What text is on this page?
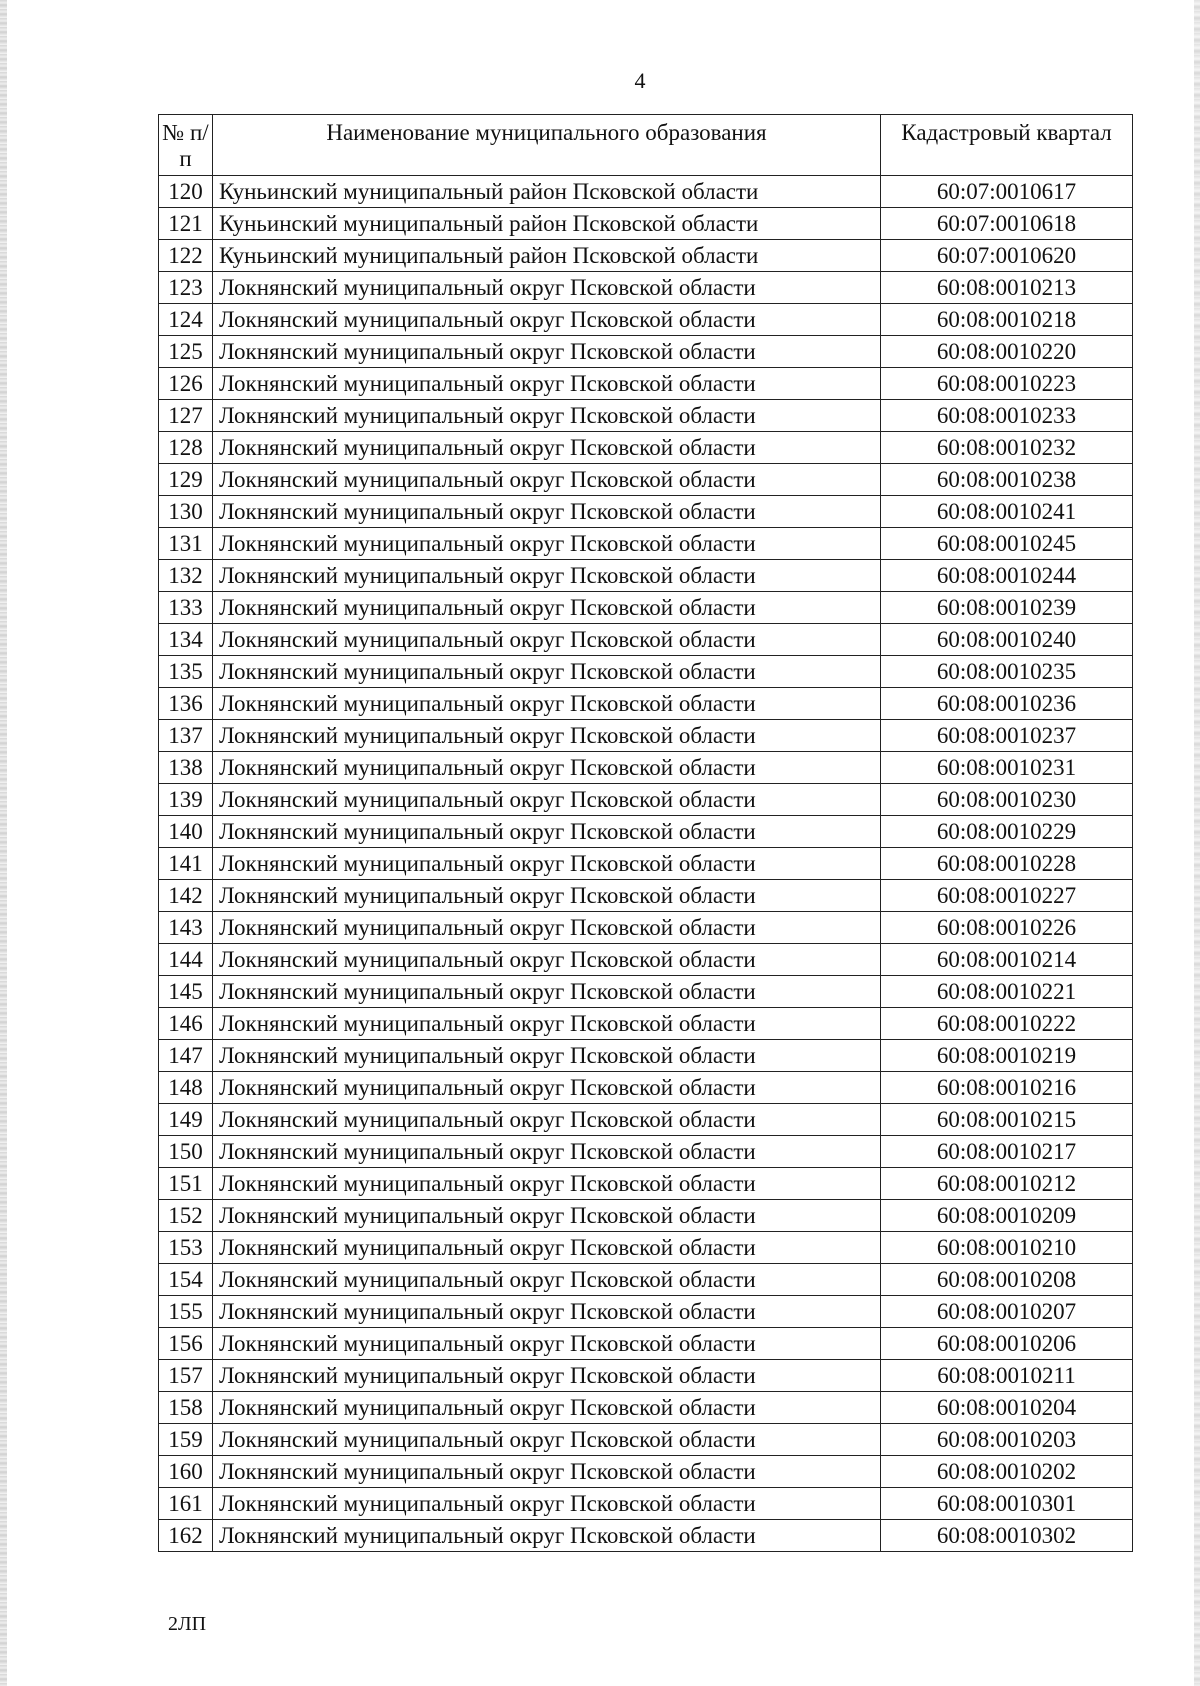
4
№ п/п	Наименование муниципального образования	Кадастровый квартал
120	Куньинский муниципальный район Псковской области	60:07:0010617
121	Куньинский муниципальный район Псковской области	60:07:0010618
122	Куньинский муниципальный район Псковской области	60:07:0010620
123	Локнянский муниципальный округ Псковской области	60:08:0010213
124	Локнянский муниципальный округ Псковской области	60:08:0010218
125	Локнянский муниципальный округ Псковской области	60:08:0010220
126	Локнянский муниципальный округ Псковской области	60:08:0010223
127	Локнянский муниципальный округ Псковской области	60:08:0010233
128	Локнянский муниципальный округ Псковской области	60:08:0010232
129	Локнянский муниципальный округ Псковской области	60:08:0010238
130	Локнянский муниципальный округ Псковской области	60:08:0010241
131	Локнянский муниципальный округ Псковской области	60:08:0010245
132	Локнянский муниципальный округ Псковской области	60:08:0010244
133	Локнянский муниципальный округ Псковской области	60:08:0010239
134	Локнянский муниципальный округ Псковской области	60:08:0010240
135	Локнянский муниципальный округ Псковской области	60:08:0010235
136	Локнянский муниципальный округ Псковской области	60:08:0010236
137	Локнянский муниципальный округ Псковской области	60:08:0010237
138	Локнянский муниципальный округ Псковской области	60:08:0010231
139	Локнянский муниципальный округ Псковской области	60:08:0010230
140	Локнянский муниципальный округ Псковской области	60:08:0010229
141	Локнянский муниципальный округ Псковской области	60:08:0010228
142	Локнянский муниципальный округ Псковской области	60:08:0010227
143	Локнянский муниципальный округ Псковской области	60:08:0010226
144	Локнянский муниципальный округ Псковской области	60:08:0010214
145	Локнянский муниципальный округ Псковской области	60:08:0010221
146	Локнянский муниципальный округ Псковской области	60:08:0010222
147	Локнянский муниципальный округ Псковской области	60:08:0010219
148	Локнянский муниципальный округ Псковской области	60:08:0010216
149	Локнянский муниципальный округ Псковской области	60:08:0010215
150	Локнянский муниципальный округ Псковской области	60:08:0010217
151	Локнянский муниципальный округ Псковской области	60:08:0010212
152	Локнянский муниципальный округ Псковской области	60:08:0010209
153	Локнянский муниципальный округ Псковской области	60:08:0010210
154	Локнянский муниципальный округ Псковской области	60:08:0010208
155	Локнянский муниципальный округ Псковской области	60:08:0010207
156	Локнянский муниципальный округ Псковской области	60:08:0010206
157	Локнянский муниципальный округ Псковской области	60:08:0010211
158	Локнянский муниципальный округ Псковской области	60:08:0010204
159	Локнянский муниципальный округ Псковской области	60:08:0010203
160	Локнянский муниципальный округ Псковской области	60:08:0010202
161	Локнянский муниципальный округ Псковской области	60:08:0010301
162	Локнянский муниципальный округ Псковской области	60:08:0010302
2ЛП
